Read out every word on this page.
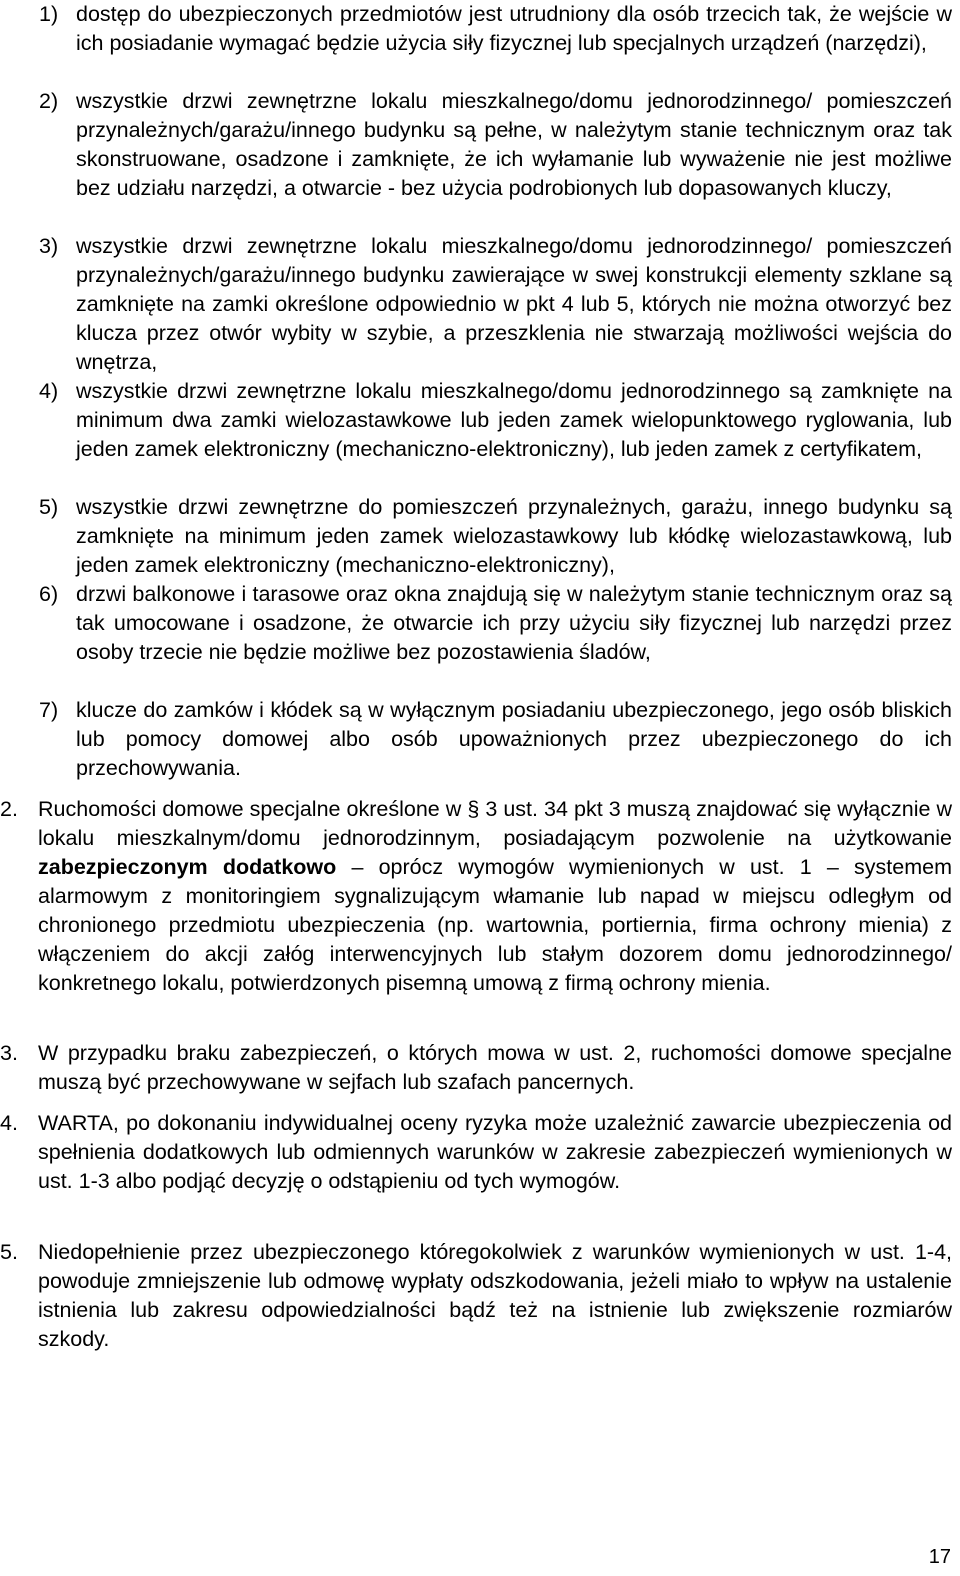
1) dostęp do ubezpieczonych przedmiotów jest utrudniony dla osób trzecich tak, że wejście w ich posiadanie wymagać będzie użycia siły fizycznej lub specjalnych urządzeń (narzędzi),
2) wszystkie drzwi zewnętrzne lokalu mieszkalnego/domu jednorodzinnego/ pomieszczeń przynależnych/garażu/innego budynku są pełne, w należytym stanie technicznym oraz tak skonstruowane, osadzone i zamknięte, że ich wyłamanie lub wyważenie nie jest możliwe bez udziału narzędzi, a otwarcie - bez użycia podrobionych lub dopasowanych kluczy,
3) wszystkie drzwi zewnętrzne lokalu mieszkalnego/domu jednorodzinnego/ pomieszczeń przynależnych/garażu/innego budynku zawierające w swej konstrukcji elementy szklane są zamknięte na zamki określone odpowiednio w pkt 4 lub 5, których nie można otworzyć bez klucza przez otwór wybity w szybie, a przeszklenia nie stwarzają możliwości wejścia do wnętrza,
4) wszystkie drzwi zewnętrzne lokalu mieszkalnego/domu jednorodzinnego są zamknięte na minimum dwa zamki wielozastawkowe lub jeden zamek wielopunktowego ryglowania, lub jeden zamek elektroniczny (mechaniczno-elektroniczny), lub jeden zamek z certyfikatem,
5) wszystkie drzwi zewnętrzne do pomieszczeń przynależnych, garażu, innego budynku są zamknięte na minimum jeden zamek wielozastawkowy lub kłódkę wielozastawkową, lub jeden zamek elektroniczny (mechaniczno-elektroniczny),
6) drzwi balkonowe i tarasowe oraz okna znajdują się w należytym stanie technicznym oraz są tak umocowane i osadzone, że otwarcie ich przy użyciu siły fizycznej lub narzędzi przez osoby trzecie nie będzie możliwe bez pozostawienia śladów,
7) klucze do zamków i kłódek są w wyłącznym posiadaniu ubezpieczonego, jego osób bliskich lub pomocy domowej albo osób upoważnionych przez ubezpieczonego do ich przechowywania.
2. Ruchomości domowe specjalne określone w § 3 ust. 34 pkt 3 muszą znajdować się wyłącznie w lokalu mieszkalnym/domu jednorodzinnym, posiadającym pozwolenie na użytkowanie zabezpieczonym dodatkowo – oprócz wymogów wymienionych w ust. 1 – systemem alarmowym z monitoringiem sygnalizującym włamanie lub napad w miejscu odległym od chronionego przedmiotu ubezpieczenia (np. wartownia, portiernia, firma ochrony mienia) z włączeniem do akcji załóg interwencyjnych lub stałym dozorem domu jednorodzinnego/ konkretnego lokalu, potwierdzonych pisemną umową z firmą ochrony mienia.
3. W przypadku braku zabezpieczeń, o których mowa w ust. 2, ruchomości domowe specjalne muszą być przechowywane w sejfach lub szafach pancernych.
4. WARTA, po dokonaniu indywidualnej oceny ryzyka może uzależnić zawarcie ubezpieczenia od spełnienia dodatkowych lub odmiennych warunków w zakresie zabezpieczeń wymienionych w ust. 1-3 albo podjąć decyzję o odstąpieniu od tych wymogów.
5. Niedopełnienie przez ubezpieczonego któregokolwiek z warunków wymienionych w ust. 1-4, powoduje zmniejszenie lub odmowę wypłaty odszkodowania, jeżeli miało to wpływ na ustalenie istnienia lub zakresu odpowiedzialności bądź też na istnienie lub zwiększenie rozmiarów szkody.
17
